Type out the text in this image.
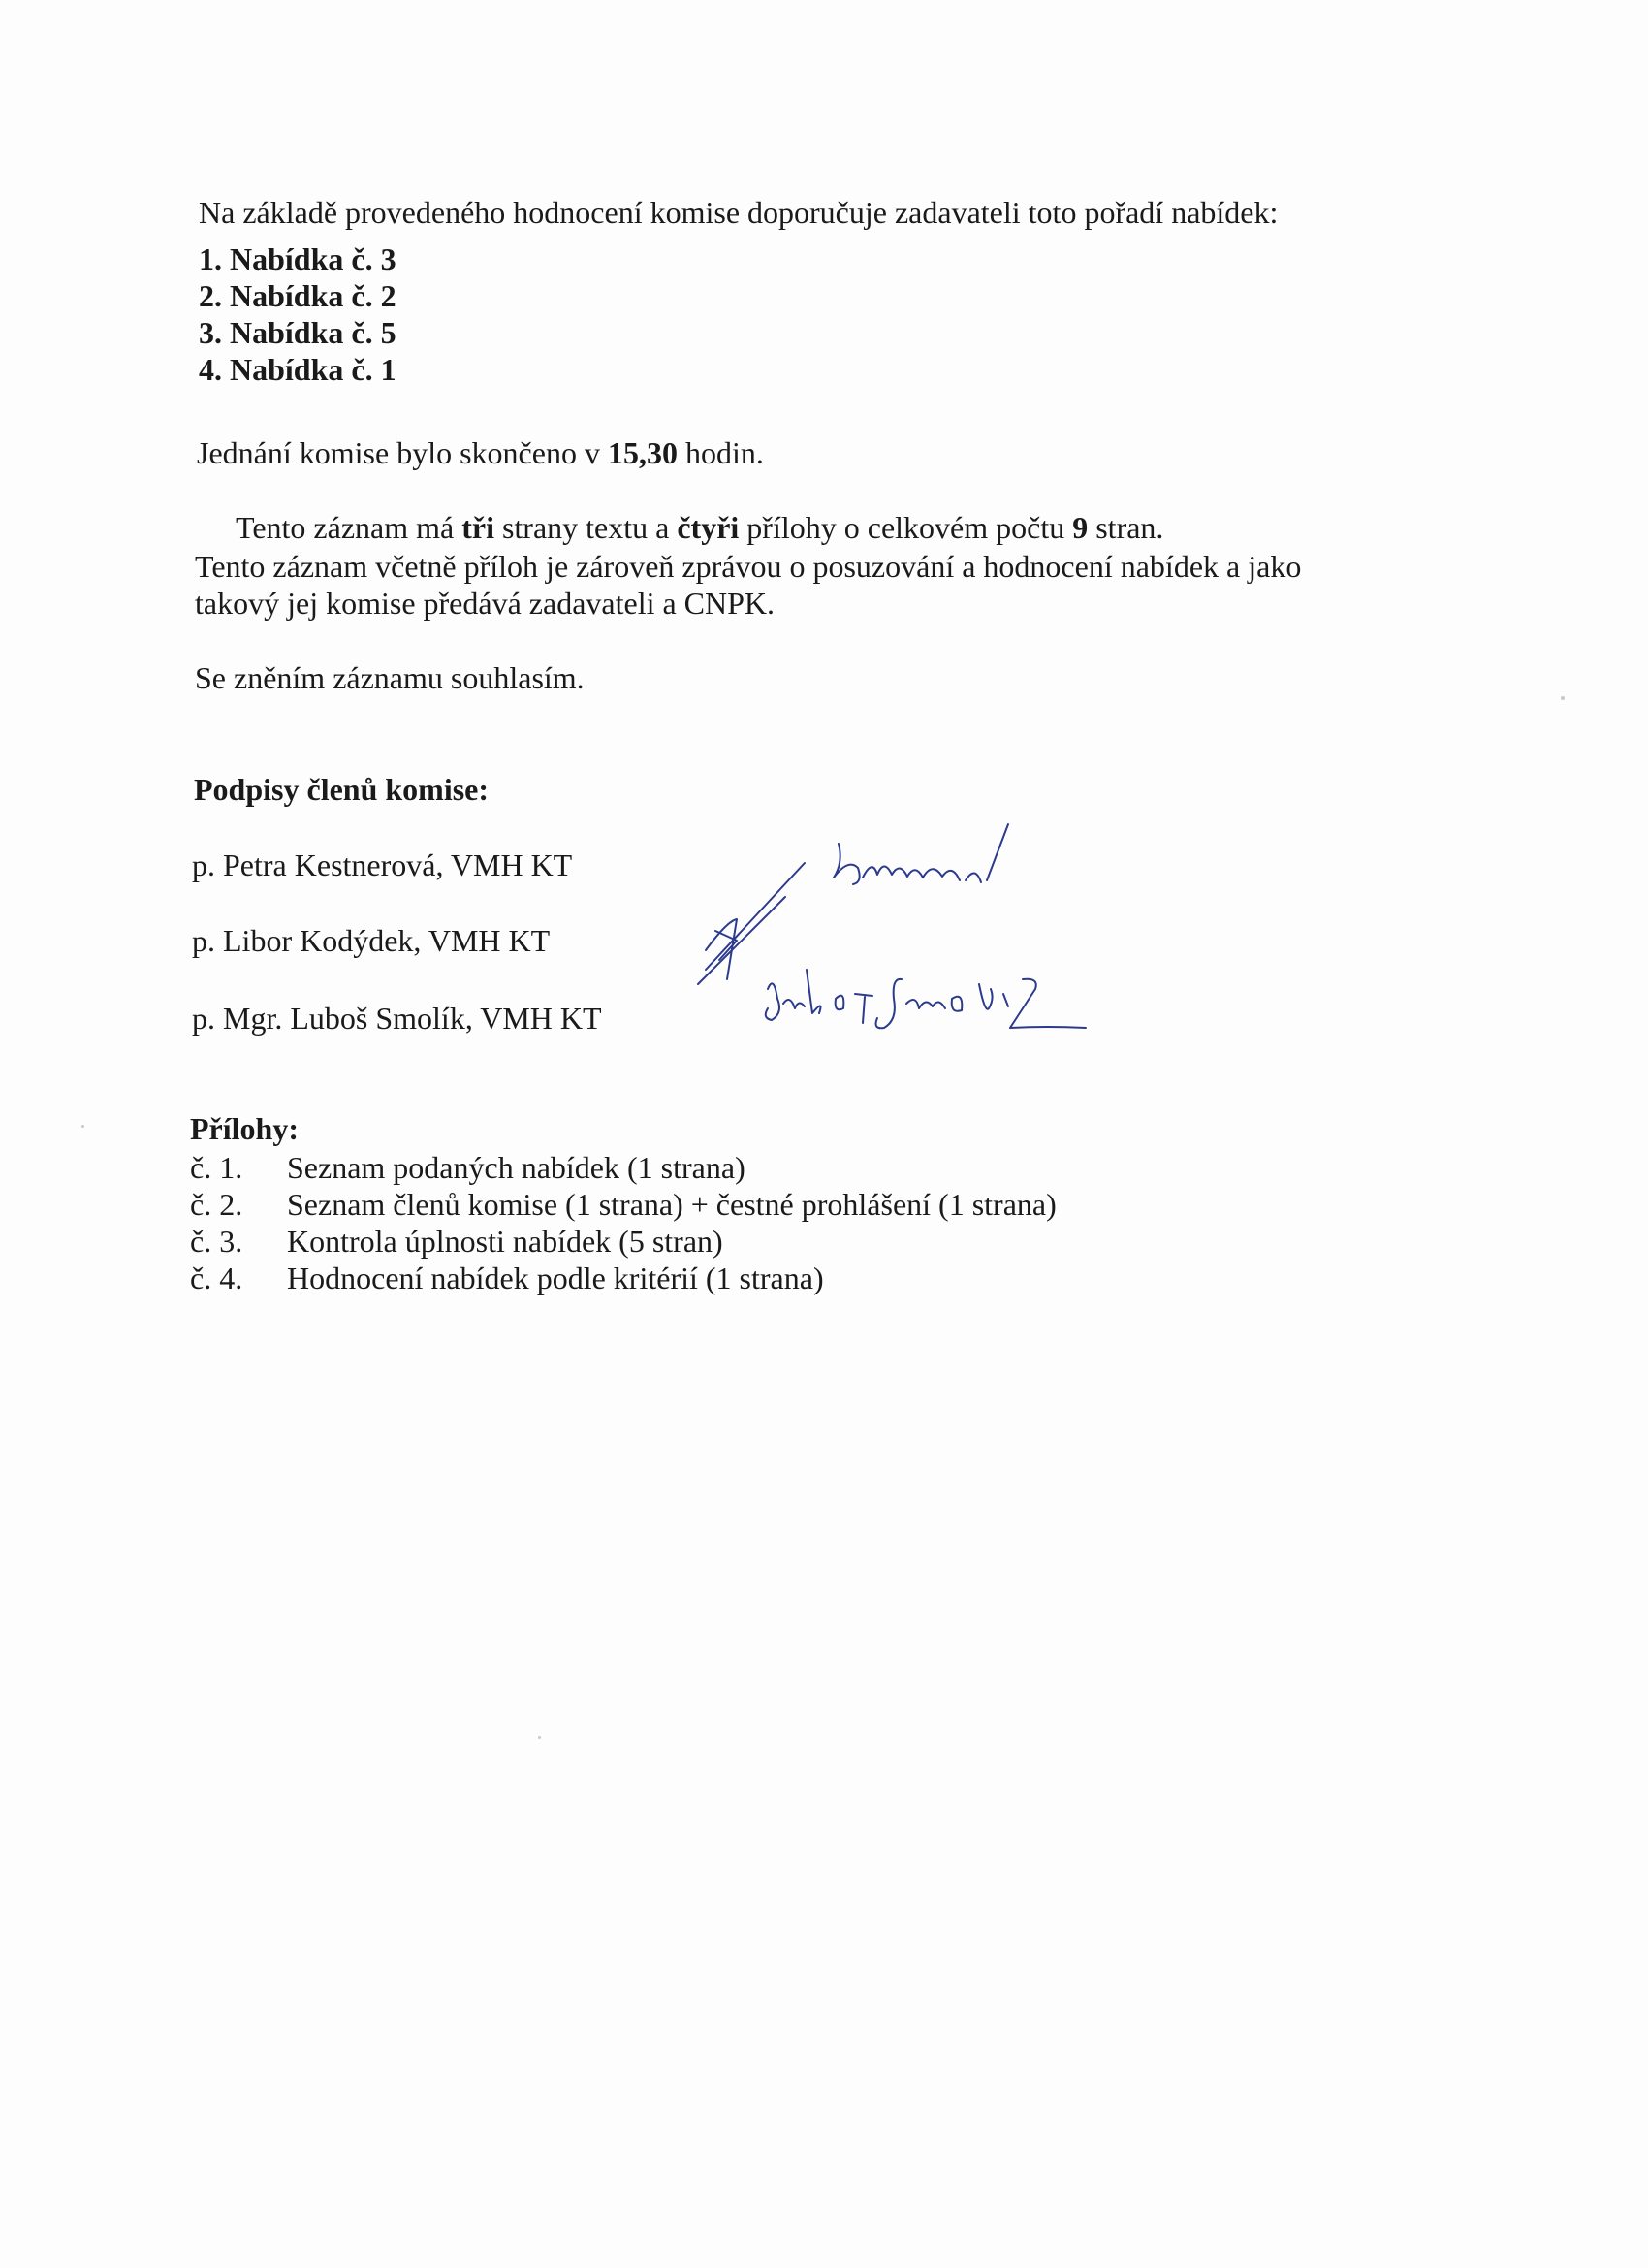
Na základě provedeného hodnocení komise doporučuje zadavateli toto pořadí nabídek:
1. Nabídka č. 3
2. Nabídka č. 2
3. Nabídka č. 5
4. Nabídka č. 1
Jednání komise bylo skončeno v 15,30 hodin.
Tento záznam má tři strany textu a čtyři přílohy o celkovém počtu 9 stran.
Tento záznam včetně příloh je zároveň zprávou o posuzování a hodnocení nabídek a jako
takový jej komise předává zadavateli a CNPK.
Se zněním záznamu souhlasím.
Podpisy členů komise:
p. Petra Kestnerová, VMH KT
p. Libor Kodýdek, VMH KT
p. Mgr. Luboš Smolík, VMH KT
Přílohy:
č. 1.	Seznam podaných nabídek (1 strana)
č. 2.	Seznam členů komise (1 strana) + čestné prohlášení (1 strana)
č. 3.	Kontrola úplnosti nabídek (5 stran)
č. 4.	Hodnocení nabídek podle kritérií (1 strana)
